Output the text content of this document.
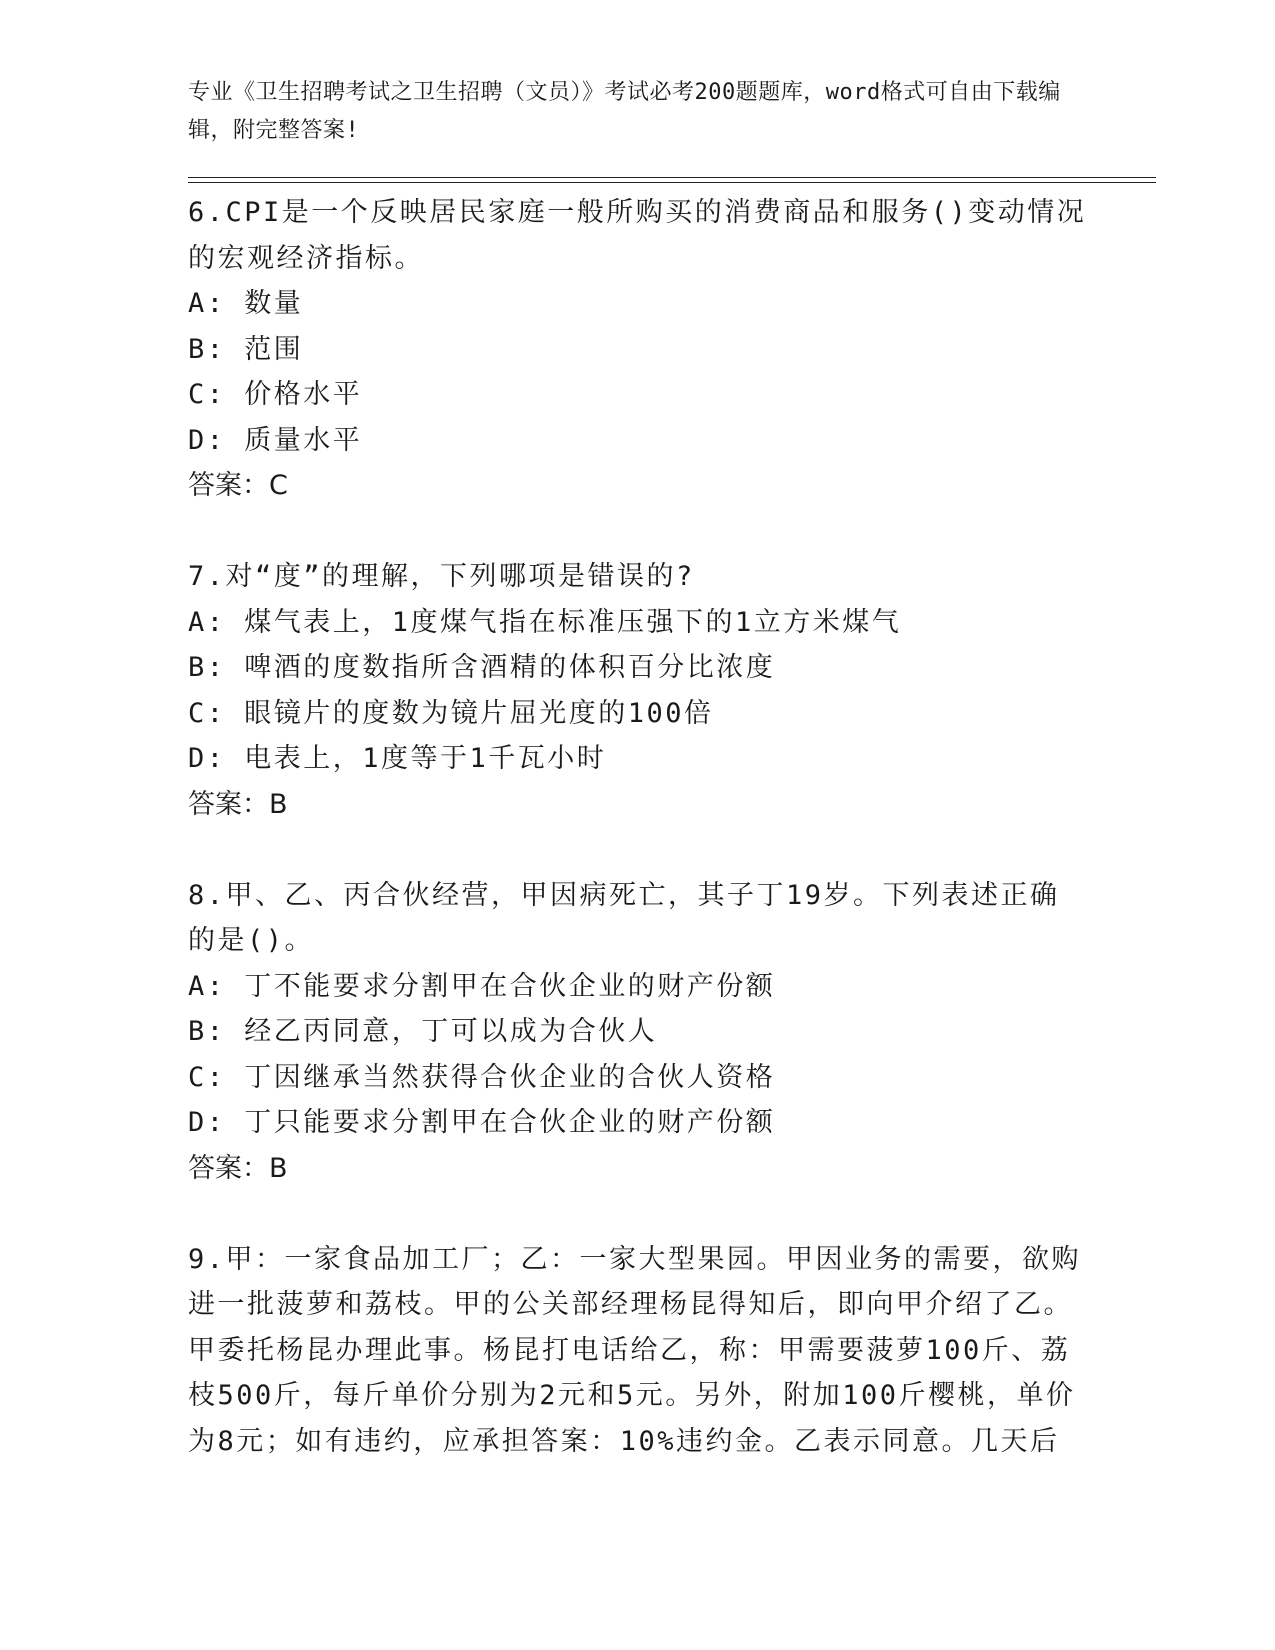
专业《卫生招聘考试之卫生招聘（文员）》考试必考200题题库，word格式可自由下载编辑，附完整答案!

6.CPI是一个反映居民家庭一般所购买的消费商品和服务()变动情况的宏观经济指标。

A: 数量

B: 范围

C: 价格水平

D: 质量水平

答案：C

7.对“度”的理解，下列哪项是错误的?

A: 煤气表上，1度煤气指在标准压强下的1立方米煤气

B: 啤酒的度数指所含酒精的体积百分比浓度

C: 眼镜片的度数为镜片屈光度的100倍

D: 电表上，1度等于1千瓦小时

答案：B

8.甲、乙、丙合伙经营，甲因病死亡，其子丁19岁。下列表述正确的是()。

A: 丁不能要求分割甲在合伙企业的财产份额

B: 经乙丙同意，丁可以成为合伙人

C: 丁因继承当然获得合伙企业的合伙人资格

D: 丁只能要求分割甲在合伙企业的财产份额

答案：B

9.甲：一家食品加工厂；乙：一家大型果园。甲因业务的需要，欲购进一批菠萝和荔枝。甲的公关部经理杨昆得知后，即向甲介绍了乙。甲委托杨昆办理此事。杨昆打电话给乙，称：甲需要菠萝100斤、荔枝500斤，每斤单价分别为2元和5元。另外，附加100斤樱桃，单价为8元；如有违约，应承担答案：10%违约金。乙表示同意。几天后
